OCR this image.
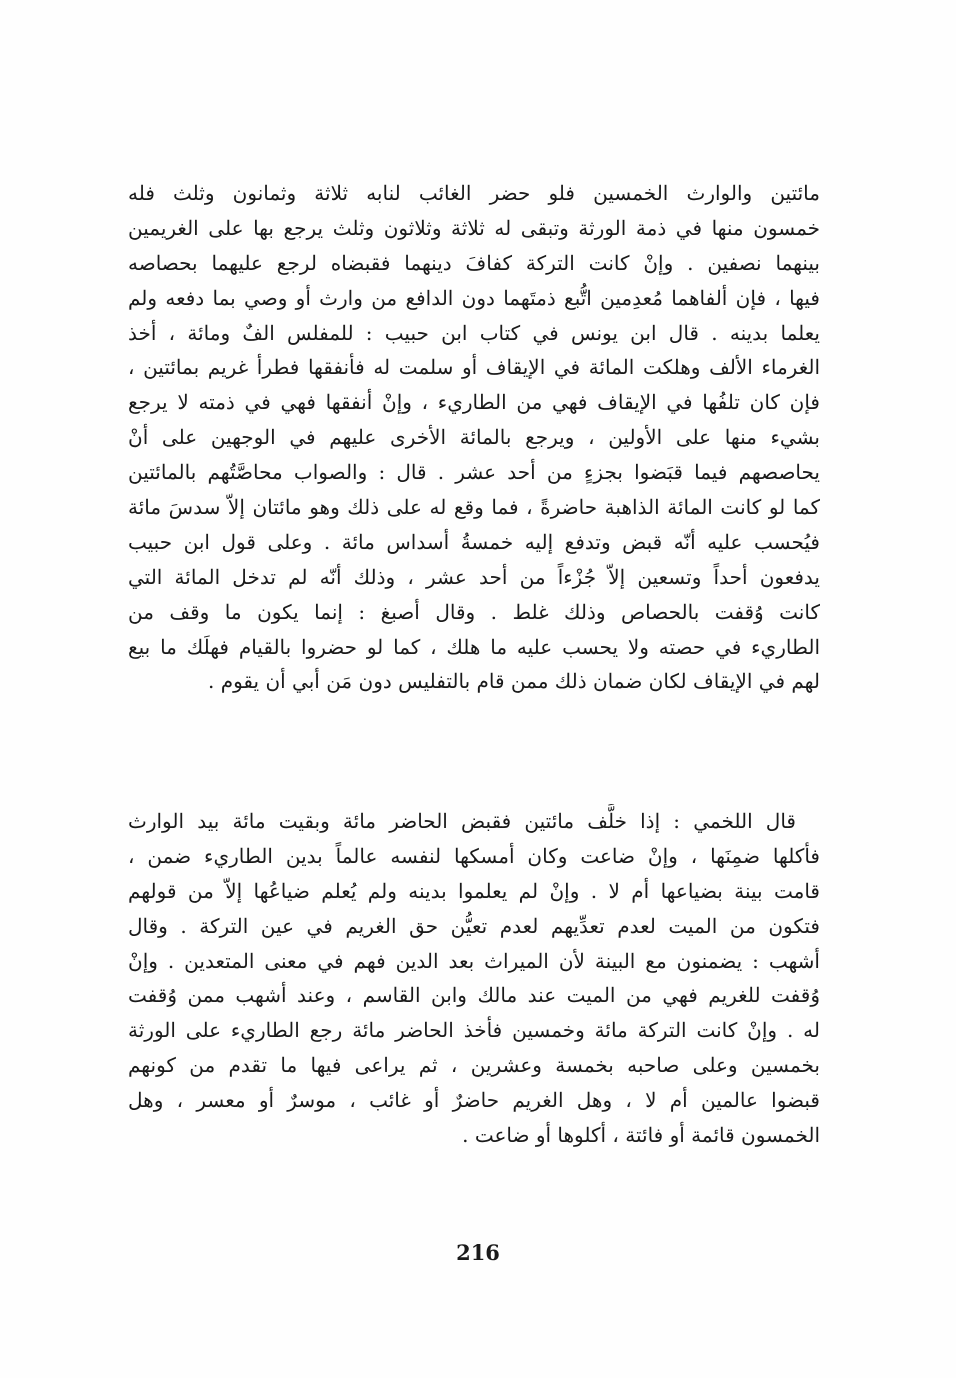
مائتين والوارث الخمسين فلو حضر الغائب لنابه ثلاثة وثمانون وثلث فله
خمسون منها في ذمة الورثة وتبقى له ثلاثة وثلاثون وثلث يرجع بها على الغريمين
بينهما نصفين . وإنْ كانت التركة كفافَ دينهما فقبضاه لرجع عليهما بحصاصه
فيها ، فإن ألفاهما مُعدِمين اتُّبع ذمتَهما دون الدافع من وارث أو وصي بما دفعه ولم
يعلما بدينه . قال ابن يونس في كتاب ابن حبيب : للمفلس الفٌ ومائة ، أخذ
الغرماء الألف وهلكت المائة في الإيقاف أو سلمت له فأنفقها فطرأ غريم بمائتين ،
فإن كان تلفُها في الإيقاف فهي من الطاريء ، وإنْ أنفقها فهي في ذمته لا يرجع
بشيء منها على الأولين ، ويرجع بالمائة الأخرى عليهم في الوجهين على أنْ
يحاصصهم فيما قبَضوا بجزءٍ من أحد عشر . قال : والصواب محاصَّتُهم بالمائتين
كما لو كانت المائة الذاهبة حاضرةً ، فما وقع له على ذلك وهو مائتان إلاّ سدسَ مائة
فيُحسب عليه أنّه قبض وتدفع إليه خمسةُ أسداس مائة . وعلى قول ابن حبيب
يدفعون أحداً وتسعين إلاّ جُزْءاً من أحد عشر ، وذلك أنّه لم تدخل المائة التي
كانت وُقفت بالحصاص وذلك غلط . وقال أصبغ : إنما يكون ما وقف من
الطاريء في حصته ولا يحسب عليه ما هلك ، كما لو حضروا بالقيام فهلَك ما بيع
لهم في الإيقاف لكان ضمان ذلك ممن قام بالتفليس دون مَن أبي أن يقوم .
قال اللخمي : إذا خلَّف مائتين فقبض الحاضر مائة وبقيت مائة بيد الوارث
فأكلها ضمِنَها ، وإنْ ضاعت وكان أمسكها لنفسه عالماً بدين الطاريء ضمن ،
قامت بينة بضياعها أم لا . وإنْ لم يعلموا بدينه ولم يُعلم ضياعُها إلاّ من قولهم
فتكون من الميت لعدم تعدِّيهم لعدم تعيُّن حق الغريم في عين التركة . وقال
أشهب : يضمنون مع البينة لأن الميراث بعد الدين فهم في معنى المتعدين . وإنْ
وُقفت للغريم فهي من الميت عند مالك وابن القاسم ، وعند أشهب ممن وُقفت
له . وإنْ كانت التركة مائة وخمسين فأخذ الحاضر مائة رجع الطاريء على الورثة
بخمسين وعلى صاحبه بخمسة وعشرين ، ثم يراعى فيها ما تقدم من كونهم
قبضوا عالمين أم لا ، وهل الغريم حاضرٌ أو غائب ، موسرٌ أو معسر ، وهل
الخمسون قائمة أو فائتة ، أكلوها أو ضاعت .
216
